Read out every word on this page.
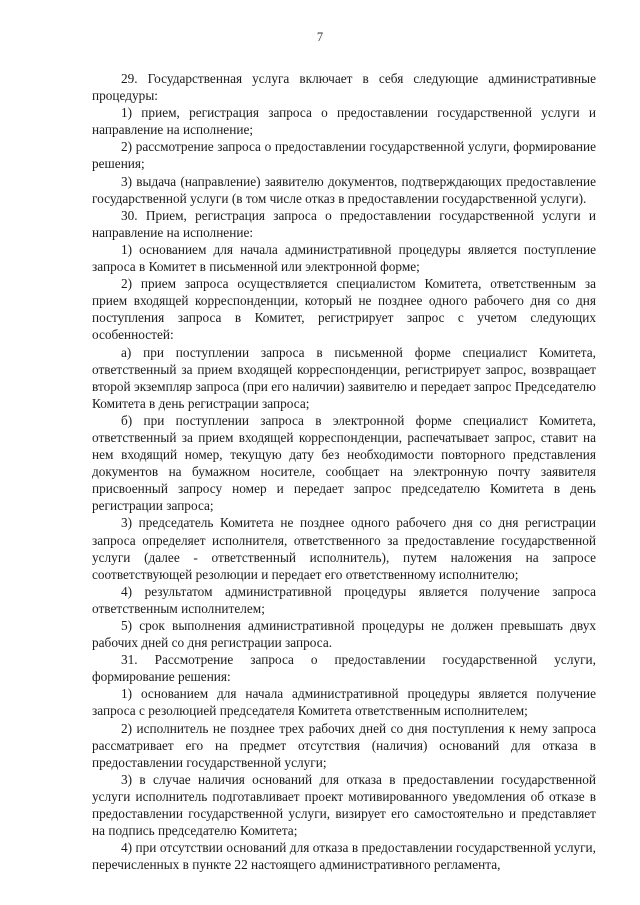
7

29. Государственная услуга включает в себя следующие административные процедуры:

1) прием, регистрация запроса о предоставлении государственной услуги и направление на исполнение;

2) рассмотрение запроса о предоставлении государственной услуги, формирование решения;

3) выдача (направление) заявителю документов, подтверждающих предоставление государственной услуги (в том числе отказ в предоставлении государственной услуги).

30. Прием, регистрация запроса о предоставлении государственной услуги и направление на исполнение:

1) основанием для начала административной процедуры является поступление запроса в Комитет в письменной или электронной форме;

2) прием запроса осуществляется специалистом Комитета, ответственным за прием входящей корреспонденции, который не позднее одного рабочего дня со дня поступления запроса в Комитет, регистрирует запрос с учетом следующих особенностей:

а) при поступлении запроса в письменной форме специалист Комитета, ответственный за прием входящей корреспонденции, регистрирует запрос, возвращает второй экземпляр запроса (при его наличии) заявителю и передает запрос Председателю Комитета в день регистрации запроса;

б) при поступлении запроса в электронной форме специалист Комитета, ответственный за прием входящей корреспонденции, распечатывает запрос, ставит на нем входящий номер, текущую дату без необходимости повторного представления документов на бумажном носителе, сообщает на электронную почту заявителя присвоенный запросу номер и передает запрос председателю Комитета в день регистрации запроса;

3) председатель Комитета не позднее одного рабочего дня со дня регистрации запроса определяет исполнителя, ответственного за предоставление государственной услуги (далее - ответственный исполнитель), путем наложения на запросе соответствующей резолюции и передает его ответственному исполнителю;

4) результатом административной процедуры является получение запроса ответственным исполнителем;

5) срок выполнения административной процедуры не должен превышать двух рабочих дней со дня регистрации запроса.

31. Рассмотрение запроса о предоставлении государственной услуги, формирование решения:

1) основанием для начала административной процедуры является получение запроса с резолюцией председателя Комитета ответственным исполнителем;

2) исполнитель не позднее трех рабочих дней со дня поступления к нему запроса рассматривает его на предмет отсутствия (наличия) оснований для отказа в предоставлении государственной услуги;

3) в случае наличия оснований для отказа в предоставлении государственной услуги исполнитель подготавливает проект мотивированного уведомления об отказе в предоставлении государственной услуги, визирует его самостоятельно и представляет на подпись председателю Комитета;

4) при отсутствии оснований для отказа в предоставлении государственной услуги, перечисленных в пункте 22 настоящего административного регламента,
